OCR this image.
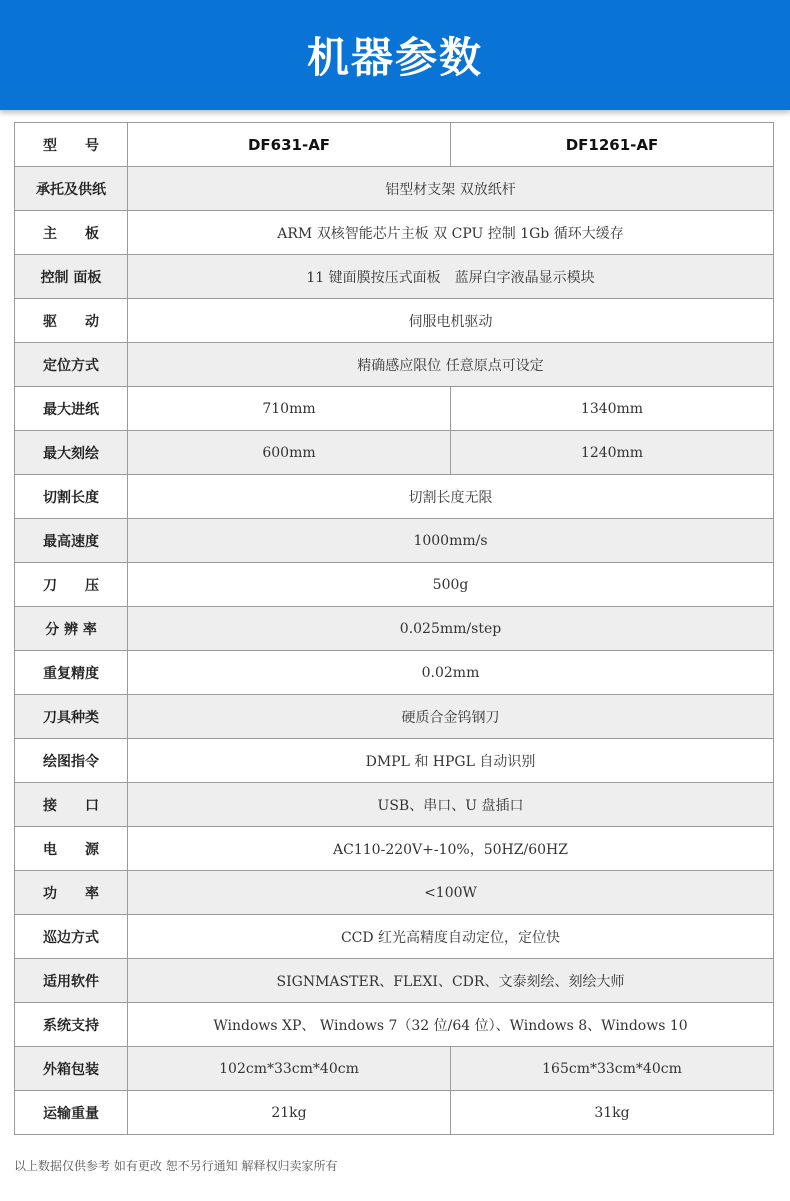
机器参数
型　　号	DF631-AF	DF1261-AF
承托及供纸	铝型材支架 双放纸杆	
主　　板	ARM 双核智能芯片主板 双 CPU 控制 1Gb 循环大缓存	
控制 面板	11 键面膜按压式面板　蓝屏白字液晶显示模块	
驱　　动	伺服电机驱动	
定位方式	精确感应限位 任意原点可设定	
最大进纸	710mm	1340mm
最大刻绘	600mm	1240mm
切割长度	切割长度无限	
最高速度	1000mm/s	
刀　　压	500g	
分 辨 率	0.025mm/step	
重复精度	0.02mm	
刀具种类	硬质合金钨钢刀	
绘图指令	DMPL 和 HPGL 自动识别	
接　　口	USB、串口、U 盘插口	
电　　源	AC110-220V+-10%，50HZ/60HZ	
功　　率	<100W	
巡边方式	CCD 红光高精度自动定位，定位快	
适用软件	SIGNMASTER、FLEXI、CDR、文泰刻绘、刻绘大师	
系统支持	Windows XP、 Windows 7（32 位/64 位）、Windows 8、Windows 10	
外箱包装	102cm*33cm*40cm	165cm*33cm*40cm
运输重量	21kg	31kg
以上数据仅供参考 如有更改 恕不另行通知 解释权归卖家所有
